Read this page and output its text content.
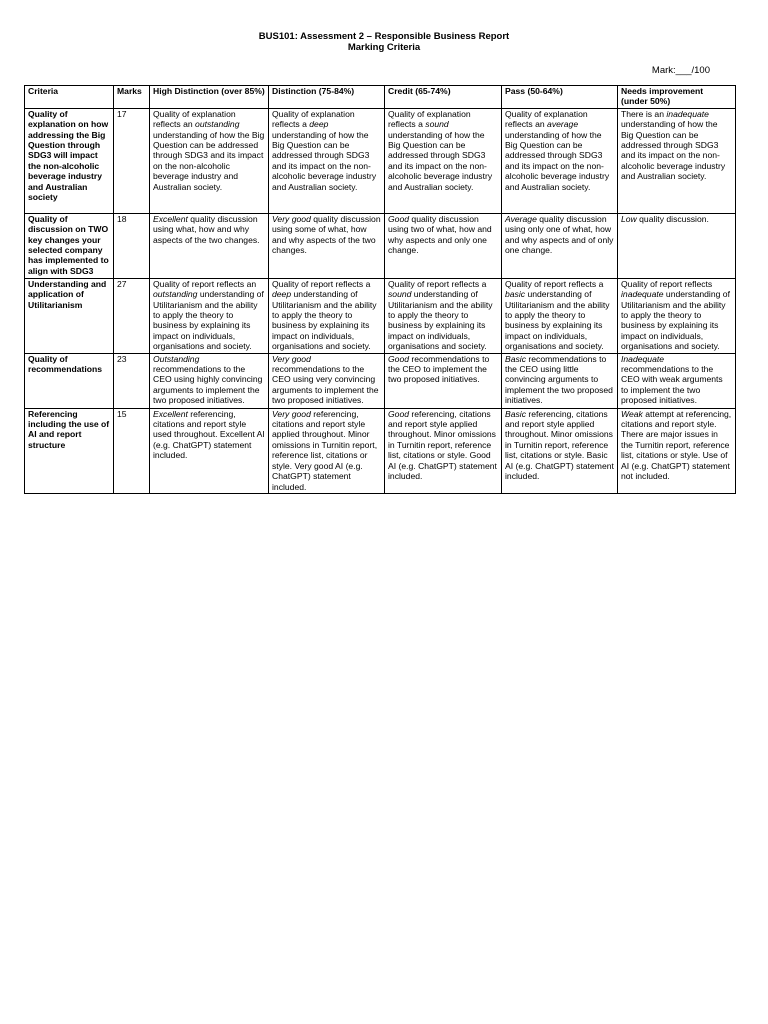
BUS101: Assessment 2 – Responsible Business Report
Marking Criteria
Mark:___/100
Criteria	Marks	High Distinction (over 85%)	Distinction (75-84%)	Credit (65-74%)	Pass (50-64%)	Needs improvement (under 50%)
Quality of explanation on how addressing the Big Question through SDG3 will impact the non-alcoholic beverage industry and Australian society	17	Quality of explanation reflects an outstanding understanding of how the Big Question can be addressed through SDG3 and its impact on the non-alcoholic beverage industry and Australian society.	Quality of explanation reflects a deep understanding of how the Big Question can be addressed through SDG3 and its impact on the non-alcoholic beverage industry and Australian society.	Quality of explanation reflects a sound understanding of how the Big Question can be addressed through SDG3 and its impact on the non-alcoholic beverage industry and Australian society.	Quality of explanation reflects an average understanding of how the Big Question can be addressed through SDG3 and its impact on the non-alcoholic beverage industry and Australian society.	There is an inadequate understanding of how the Big Question can be addressed through SDG3 and its impact on the non-alcoholic beverage industry and Australian society.
Quality of discussion on TWO key changes your selected company has implemented to align with SDG3	18	Excellent quality discussion using what, how and why aspects of the two changes.	Very good quality discussion using some of what, how and why aspects of the two changes.	Good quality discussion using two of what, how and why aspects and only one change.	Average quality discussion using only one of what, how and why aspects and of only one change.	Low quality discussion.
Understanding and application of Utilitarianism	27	Quality of report reflects an outstanding understanding of Utilitarianism and the ability to apply the theory to business by explaining its impact on individuals, organisations and society.	Quality of report reflects a deep understanding of Utilitarianism and the ability to apply the theory to business by explaining its impact on individuals, organisations and society.	Quality of report reflects a sound understanding of Utilitarianism and the ability to apply the theory to business by explaining its impact on individuals, organisations and society.	Quality of report reflects a basic understanding of Utilitarianism and the ability to apply the theory to business by explaining its impact on individuals, organisations and society.	Quality of report reflects inadequate understanding of Utilitarianism and the ability to apply the theory to business by explaining its impact on individuals, organisations and society.
Quality of recommendations	23	Outstanding recommendations to the CEO using highly convincing arguments to implement the two proposed initiatives.	Very good recommendations to the CEO using very convincing arguments to implement the two proposed initiatives.	Good recommendations to the CEO to implement the two proposed initiatives.	Basic recommendations to the CEO using little convincing arguments to implement the two proposed initiatives.	Inadequate recommendations to the CEO with weak arguments to implement the two proposed initiatives.
Referencing including the use of AI and report structure	15	Excellent referencing, citations and report style used throughout. Excellent AI (e.g. ChatGPT) statement included.	Very good referencing, citations and report style applied throughout. Minor omissions in Turnitin report, reference list, citations or style. Very good AI (e.g. ChatGPT) statement included.	Good referencing, citations and report style applied throughout. Minor omissions in Turnitin report, reference list, citations or style. Good AI (e.g. ChatGPT) statement included.	Basic referencing, citations and report style applied throughout. Minor omissions in Turnitin report, reference list, citations or style. Basic AI (e.g. ChatGPT) statement included.	Weak attempt at referencing, citations and report style. There are major issues in the Turnitin report, reference list, citations or style. Use of AI (e.g. ChatGPT) statement not included.
